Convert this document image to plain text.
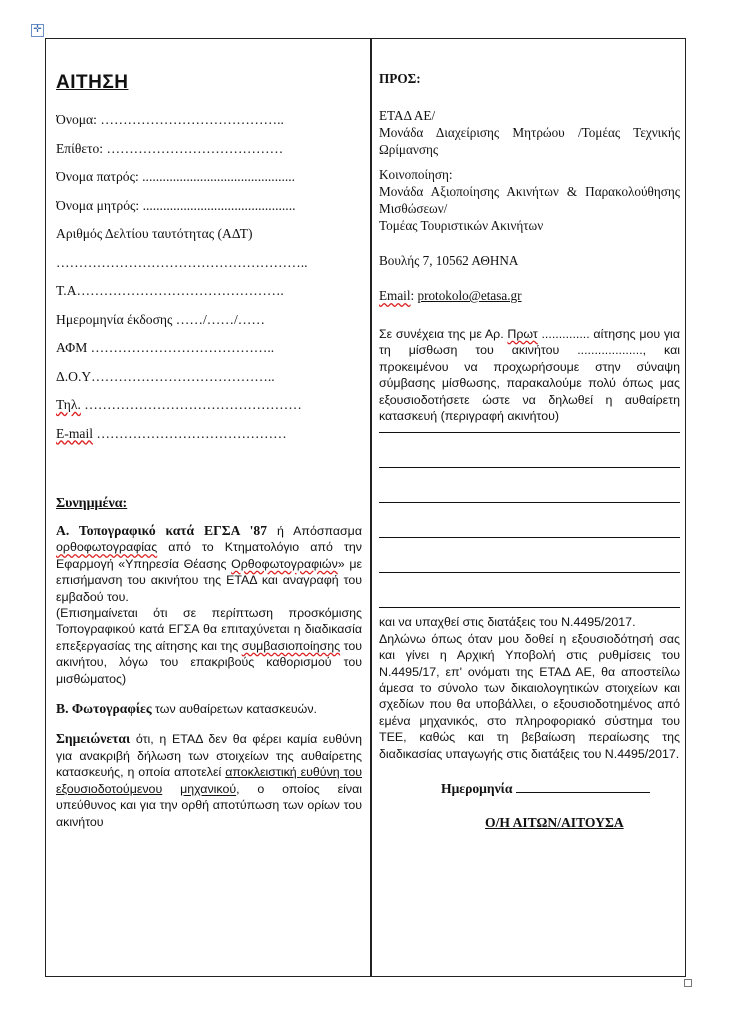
✛
ΑΙΤΗΣΗ
Όνομα: …………………………………..
Επίθετο: …………………………………
Όνομα πατρός: .............................................
Όνομα μητρός: .............................................
Αριθμός Δελτίου ταυτότητας (ΑΔΤ)
………………………………………………..
Τ.Α……………………………………….
Ημερομηνία έκδοσης ……/……/……
ΑΦΜ …………………………………..
Δ.Ο.Υ…………………………………..
Τηλ. …………………………………………
E-mail ……………………………………
Συνημμένα:

Α. Τοπογραφικό κατά ΕΓΣΑ '87 ή Απόσπασμα ορθοφωτογραφίας από το Κτηματολόγιο από την Εφαρμογή «Υπηρεσία Θέασης Ορθοφωτογραφιών» με επισήμανση του ακινήτου της ΕΤΑΔ και αναγραφή του εμβαδού του.

(Επισημαίνεται ότι σε περίπτωση προσκόμισης Τοπογραφικού κατά ΕΓΣΑ θα επιταχύνεται η διαδικασία επεξεργασίας της αίτησης και της συμβασιοποίησης του ακινήτου, λόγω του επακριβούς καθορισμού του μισθώματος)

Β. Φωτογραφίες των αυθαίρετων κατασκευών.

Σημειώνεται ότι, η ΕΤΑΔ δεν θα φέρει καμία ευθύνη για ανακριβή δήλωση των στοιχείων της αυθαίρετης κατασκευής, η οποία αποτελεί αποκλειστική ευθύνη του εξουσιοδοτούμενου μηχανικού, ο οποίος είναι υπεύθυνος και για την ορθή αποτύπωση των ορίων του ακινήτου

ΠΡΟΣ:

ΕΤΑΔ ΑΕ/

Μονάδα Διαχείρισης Μητρώου /Τομέας Τεχνικής Ωρίμανσης

Κοινοποίηση:

Μονάδα Αξιοποίησης Ακινήτων & Παρακολούθησης Μισθώσεων/

Τομέας Τουριστικών Ακινήτων

Βουλής 7, 10562 ΑΘΗΝΑ

Email: protokolo@etasa.gr

Σε συνέχεια της με Αρ. Πρωτ .............. αίτησης μου για τη μίσθωση του ακινήτου ..................., και προκειμένου να προχωρήσουμε στην σύναψη σύμβασης μίσθωσης, παρακαλούμε πολύ όπως μας εξουσιοδοτήσετε ώστε να δηλωθεί η αυθαίρετη κατασκευή (περιγραφή ακινήτου)

και να υπαχθεί στις διατάξεις του Ν.4495/2017.

Δηλώνω όπως όταν μου δοθεί η εξουσιοδότησή σας και γίνει η Αρχική Υποβολή στις ρυθμίσεις του Ν.4495/17, επ' ονόματι της ΕΤΑΔ ΑΕ, θα αποστείλω άμεσα το σύνολο των δικαιολογητικών στοιχείων και σχεδίων που θα υποβάλλει, ο εξουσιοδοτημένος από εμένα μηχανικός, στο πληροφοριακό σύστημα του ΤΕΕ, καθώς και τη βεβαίωση περαίωσης της διαδικασίας υπαγωγής στις διατάξεις του Ν.4495/2017.

Ημερομηνία
Ο/Η ΑΙΤΩΝ/ΑΙΤΟΥΣΑ
